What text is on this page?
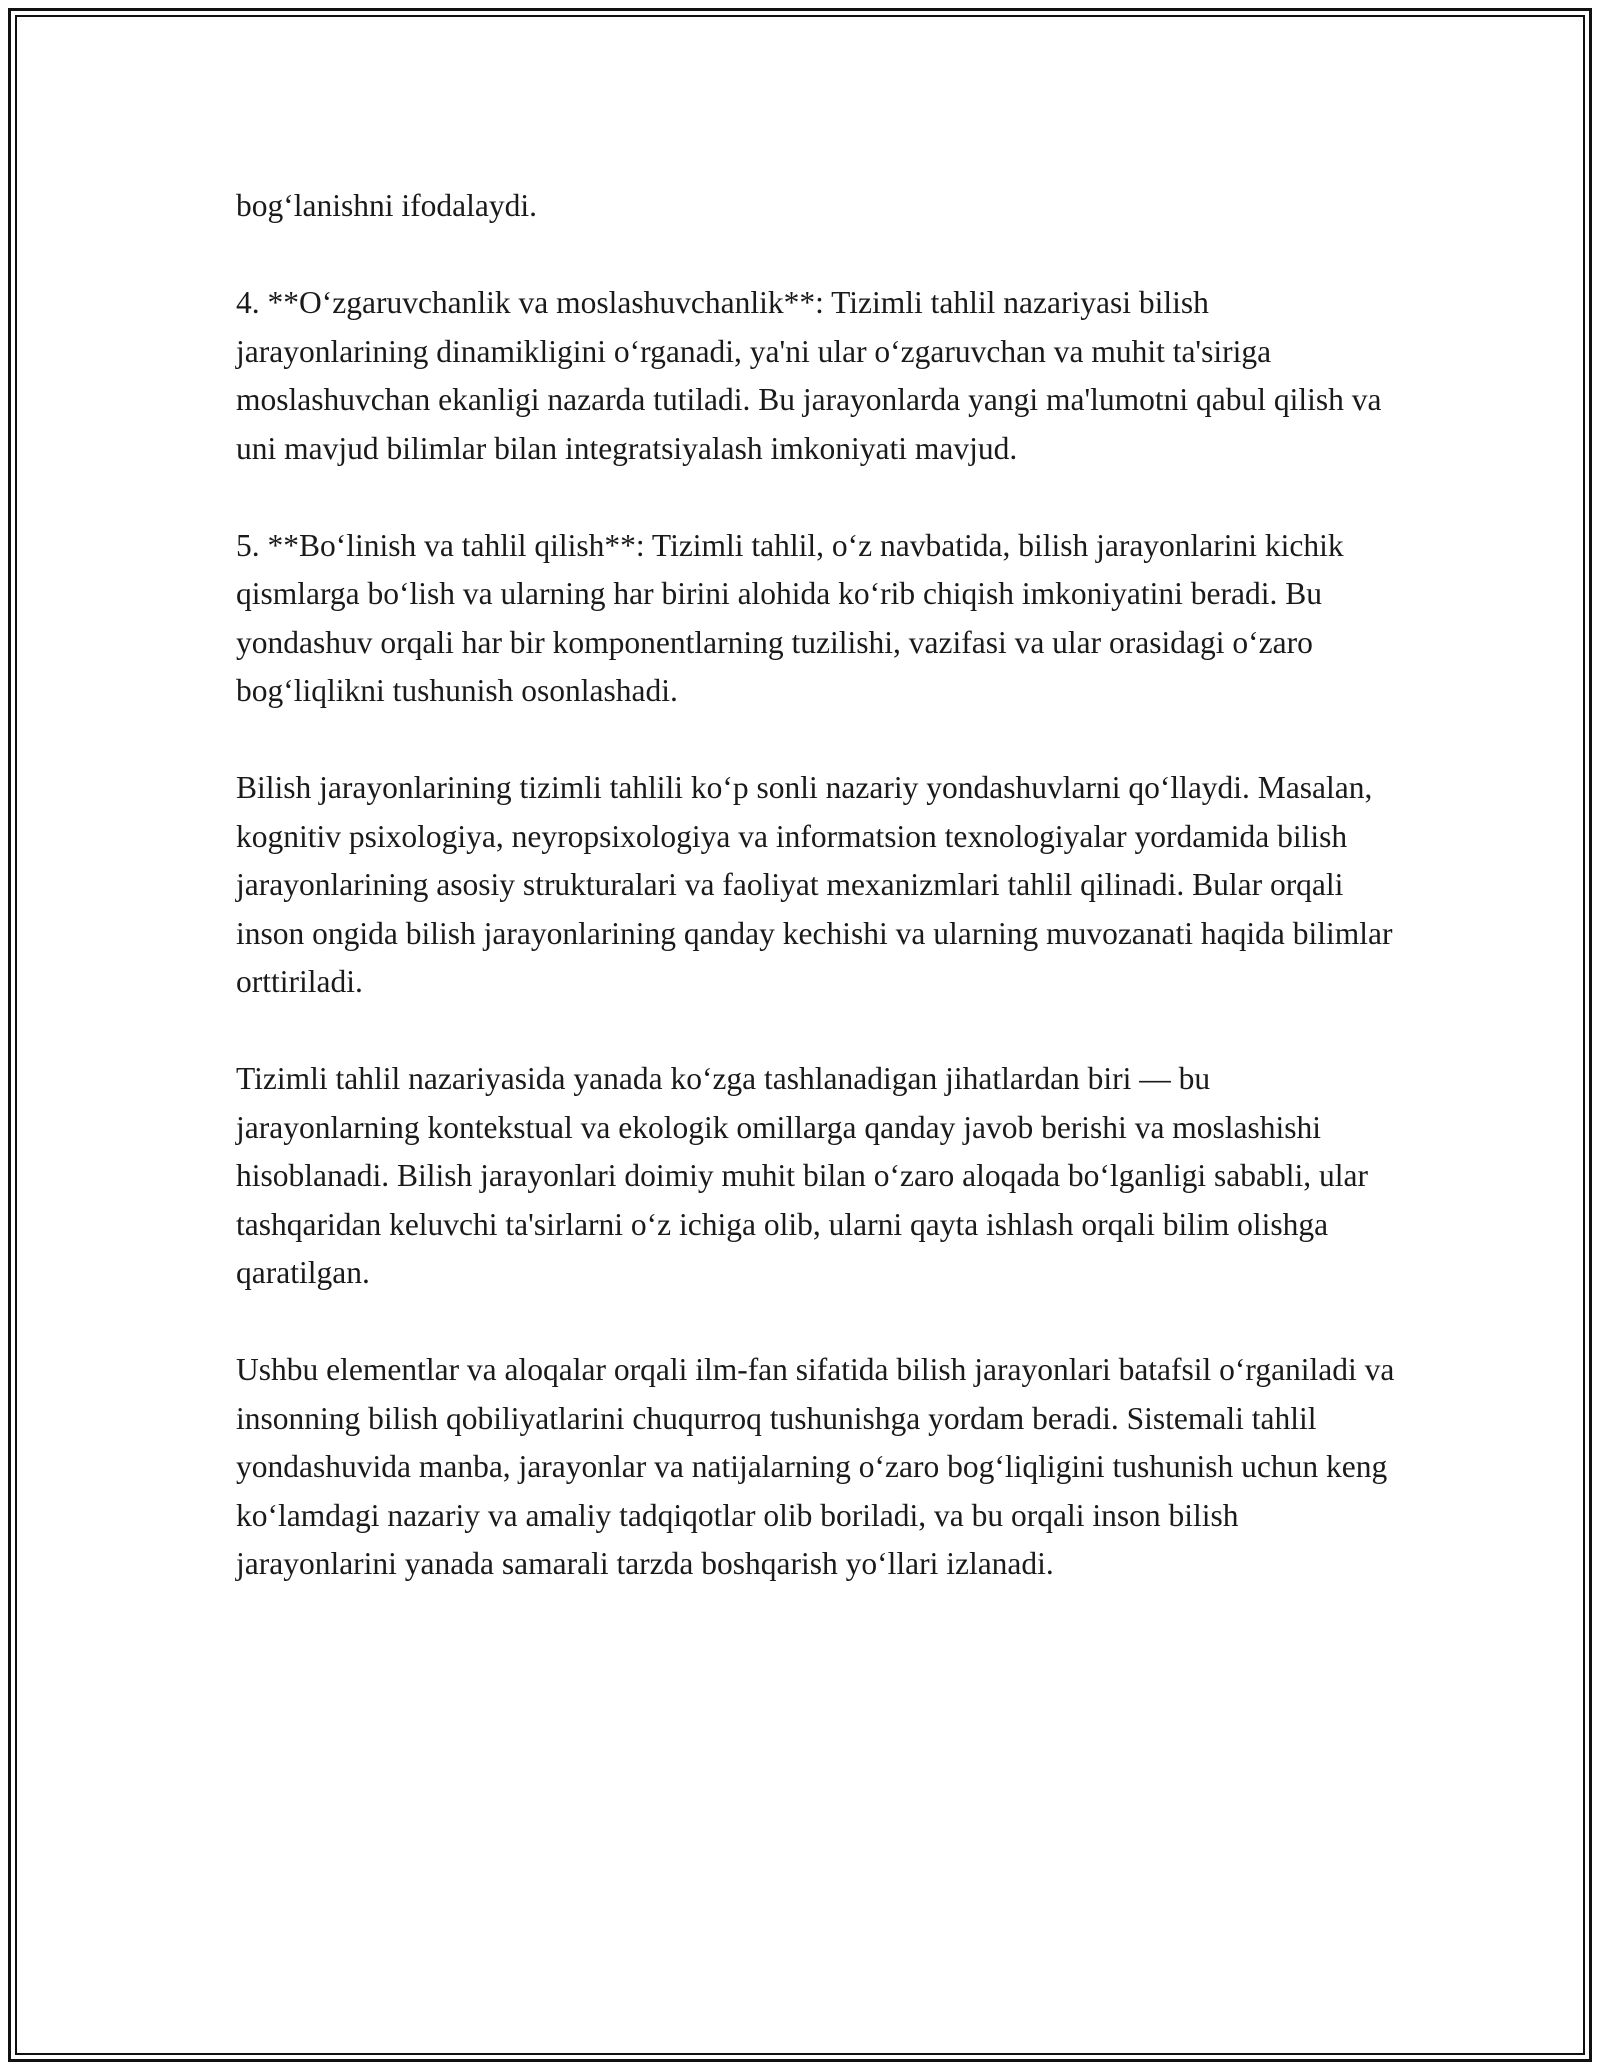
bog‘lanishni ifodalaydi.

4. **O‘zgaruvchanlik va moslashuvchanlik**: Tizimli tahlil nazariyasi bilish jarayonlarining dinamikligini o‘rganadi, ya'ni ular o‘zgaruvchan va muhit ta'siriga moslashuvchan ekanligi nazarda tutiladi. Bu jarayonlarda yangi ma'lumotni qabul qilish va uni mavjud bilimlar bilan integratsiyalash imkoniyati mavjud.

5. **Bo‘linish va tahlil qilish**: Tizimli tahlil, o‘z navbatida, bilish jarayonlarini kichik qismlarga bo‘lish va ularning har birini alohida ko‘rib chiqish imkoniyatini beradi. Bu yondashuv orqali har bir komponentlarning tuzilishi, vazifasi va ular orasidagi o‘zaro bog‘liqlikni tushunish osonlashadi.

Bilish jarayonlarining tizimli tahlili ko‘p sonli nazariy yondashuvlarni qo‘llaydi. Masalan, kognitiv psixologiya, neyropsixologiya va informatsion texnologiyalar yordamida bilish jarayonlarining asosiy strukturalari va faoliyat mexanizmlari tahlil qilinadi. Bular orqali inson ongida bilish jarayonlarining qanday kechishi va ularning muvozanati haqida bilimlar orttiriladi.

Tizimli tahlil nazariyasida yanada ko‘zga tashlanadigan jihatlardan biri — bu jarayonlarning kontekstual va ekologik omillarga qanday javob berishi va moslashishi hisoblanadi. Bilish jarayonlari doimiy muhit bilan o‘zaro aloqada bo‘lganligi sababli, ular tashqaridan keluvchi ta'sirlarni o‘z ichiga olib, ularni qayta ishlash orqali bilim olishga qaratilgan.

Ushbu elementlar va aloqalar orqali ilm-fan sifatida bilish jarayonlari batafsil o‘rganiladi va insonning bilish qobiliyatlarini chuqurroq tushunishga yordam beradi. Sistemali tahlil yondashuvida manba, jarayonlar va natijalarning o‘zaro bog‘liqligini tushunish uchun keng ko‘lamdagi nazariy va amaliy tadqiqotlar olib boriladi, va bu orqali inson bilish jarayonlarini yanada samarali tarzda boshqarish yo‘llari izlanadi.
